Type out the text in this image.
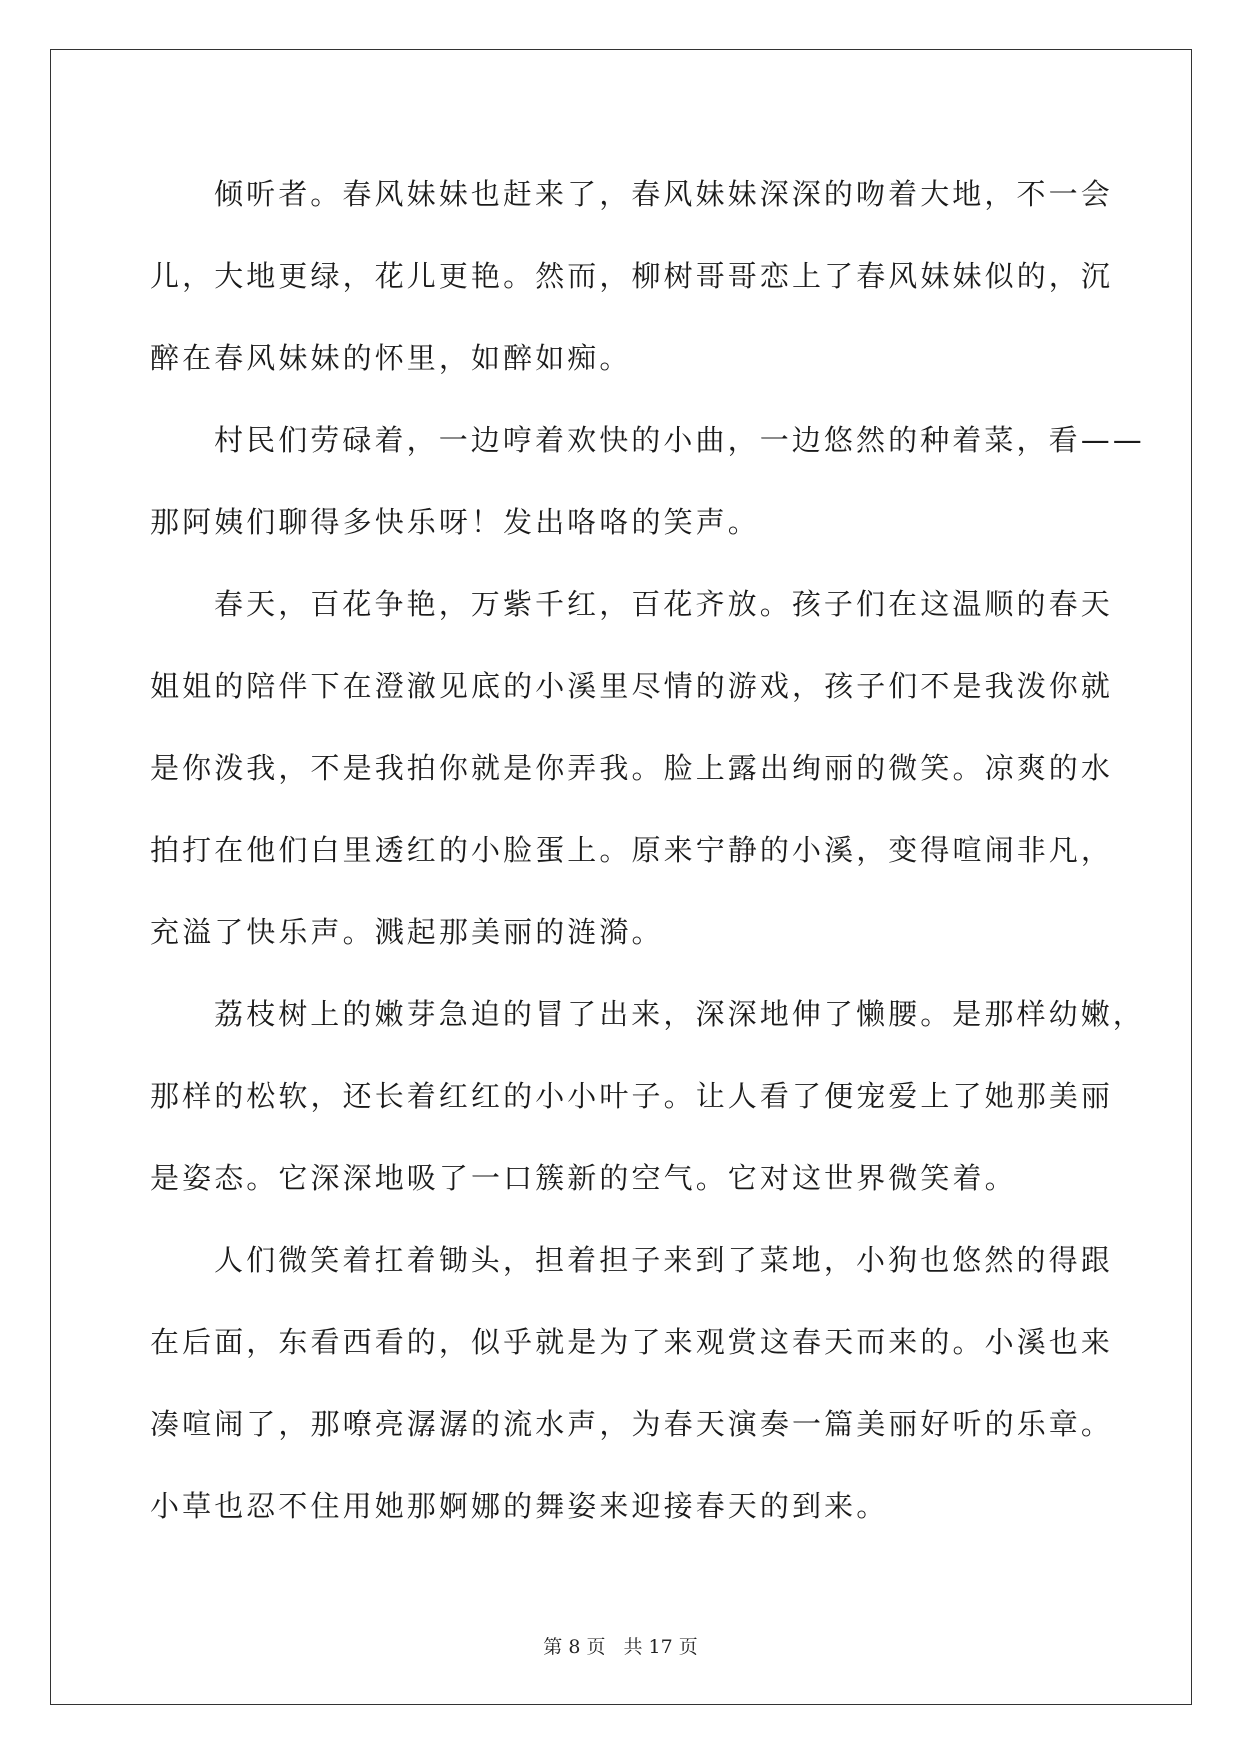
倾听者。春风妹妹也赶来了，春风妹妹深深的吻着大地，不一会
儿，大地更绿，花儿更艳。然而，柳树哥哥恋上了春风妹妹似的，沉
醉在春风妹妹的怀里，如醉如痴。
村民们劳碌着，一边哼着欢快的小曲，一边悠然的种着菜，看——
那阿姨们聊得多快乐呀！发出咯咯的笑声。
春天，百花争艳，万紫千红，百花齐放。孩子们在这温顺的春天
姐姐的陪伴下在澄澈见底的小溪里尽情的游戏，孩子们不是我泼你就
是你泼我，不是我拍你就是你弄我。脸上露出绚丽的微笑。凉爽的水
拍打在他们白里透红的小脸蛋上。原来宁静的小溪，变得喧闹非凡，
充溢了快乐声。溅起那美丽的涟漪。
荔枝树上的嫩芽急迫的冒了出来，深深地伸了懒腰。是那样幼嫩，
那样的松软，还长着红红的小小叶子。让人看了便宠爱上了她那美丽
是姿态。它深深地吸了一口簇新的空气。它对这世界微笑着。
人们微笑着扛着锄头，担着担子来到了菜地，小狗也悠然的得跟
在后面，东看西看的，似乎就是为了来观赏这春天而来的。小溪也来
凑喧闹了，那嘹亮潺潺的流水声，为春天演奏一篇美丽好听的乐章。
小草也忍不住用她那婀娜的舞姿来迎接春天的到来。
第 8 页 共 17 页
